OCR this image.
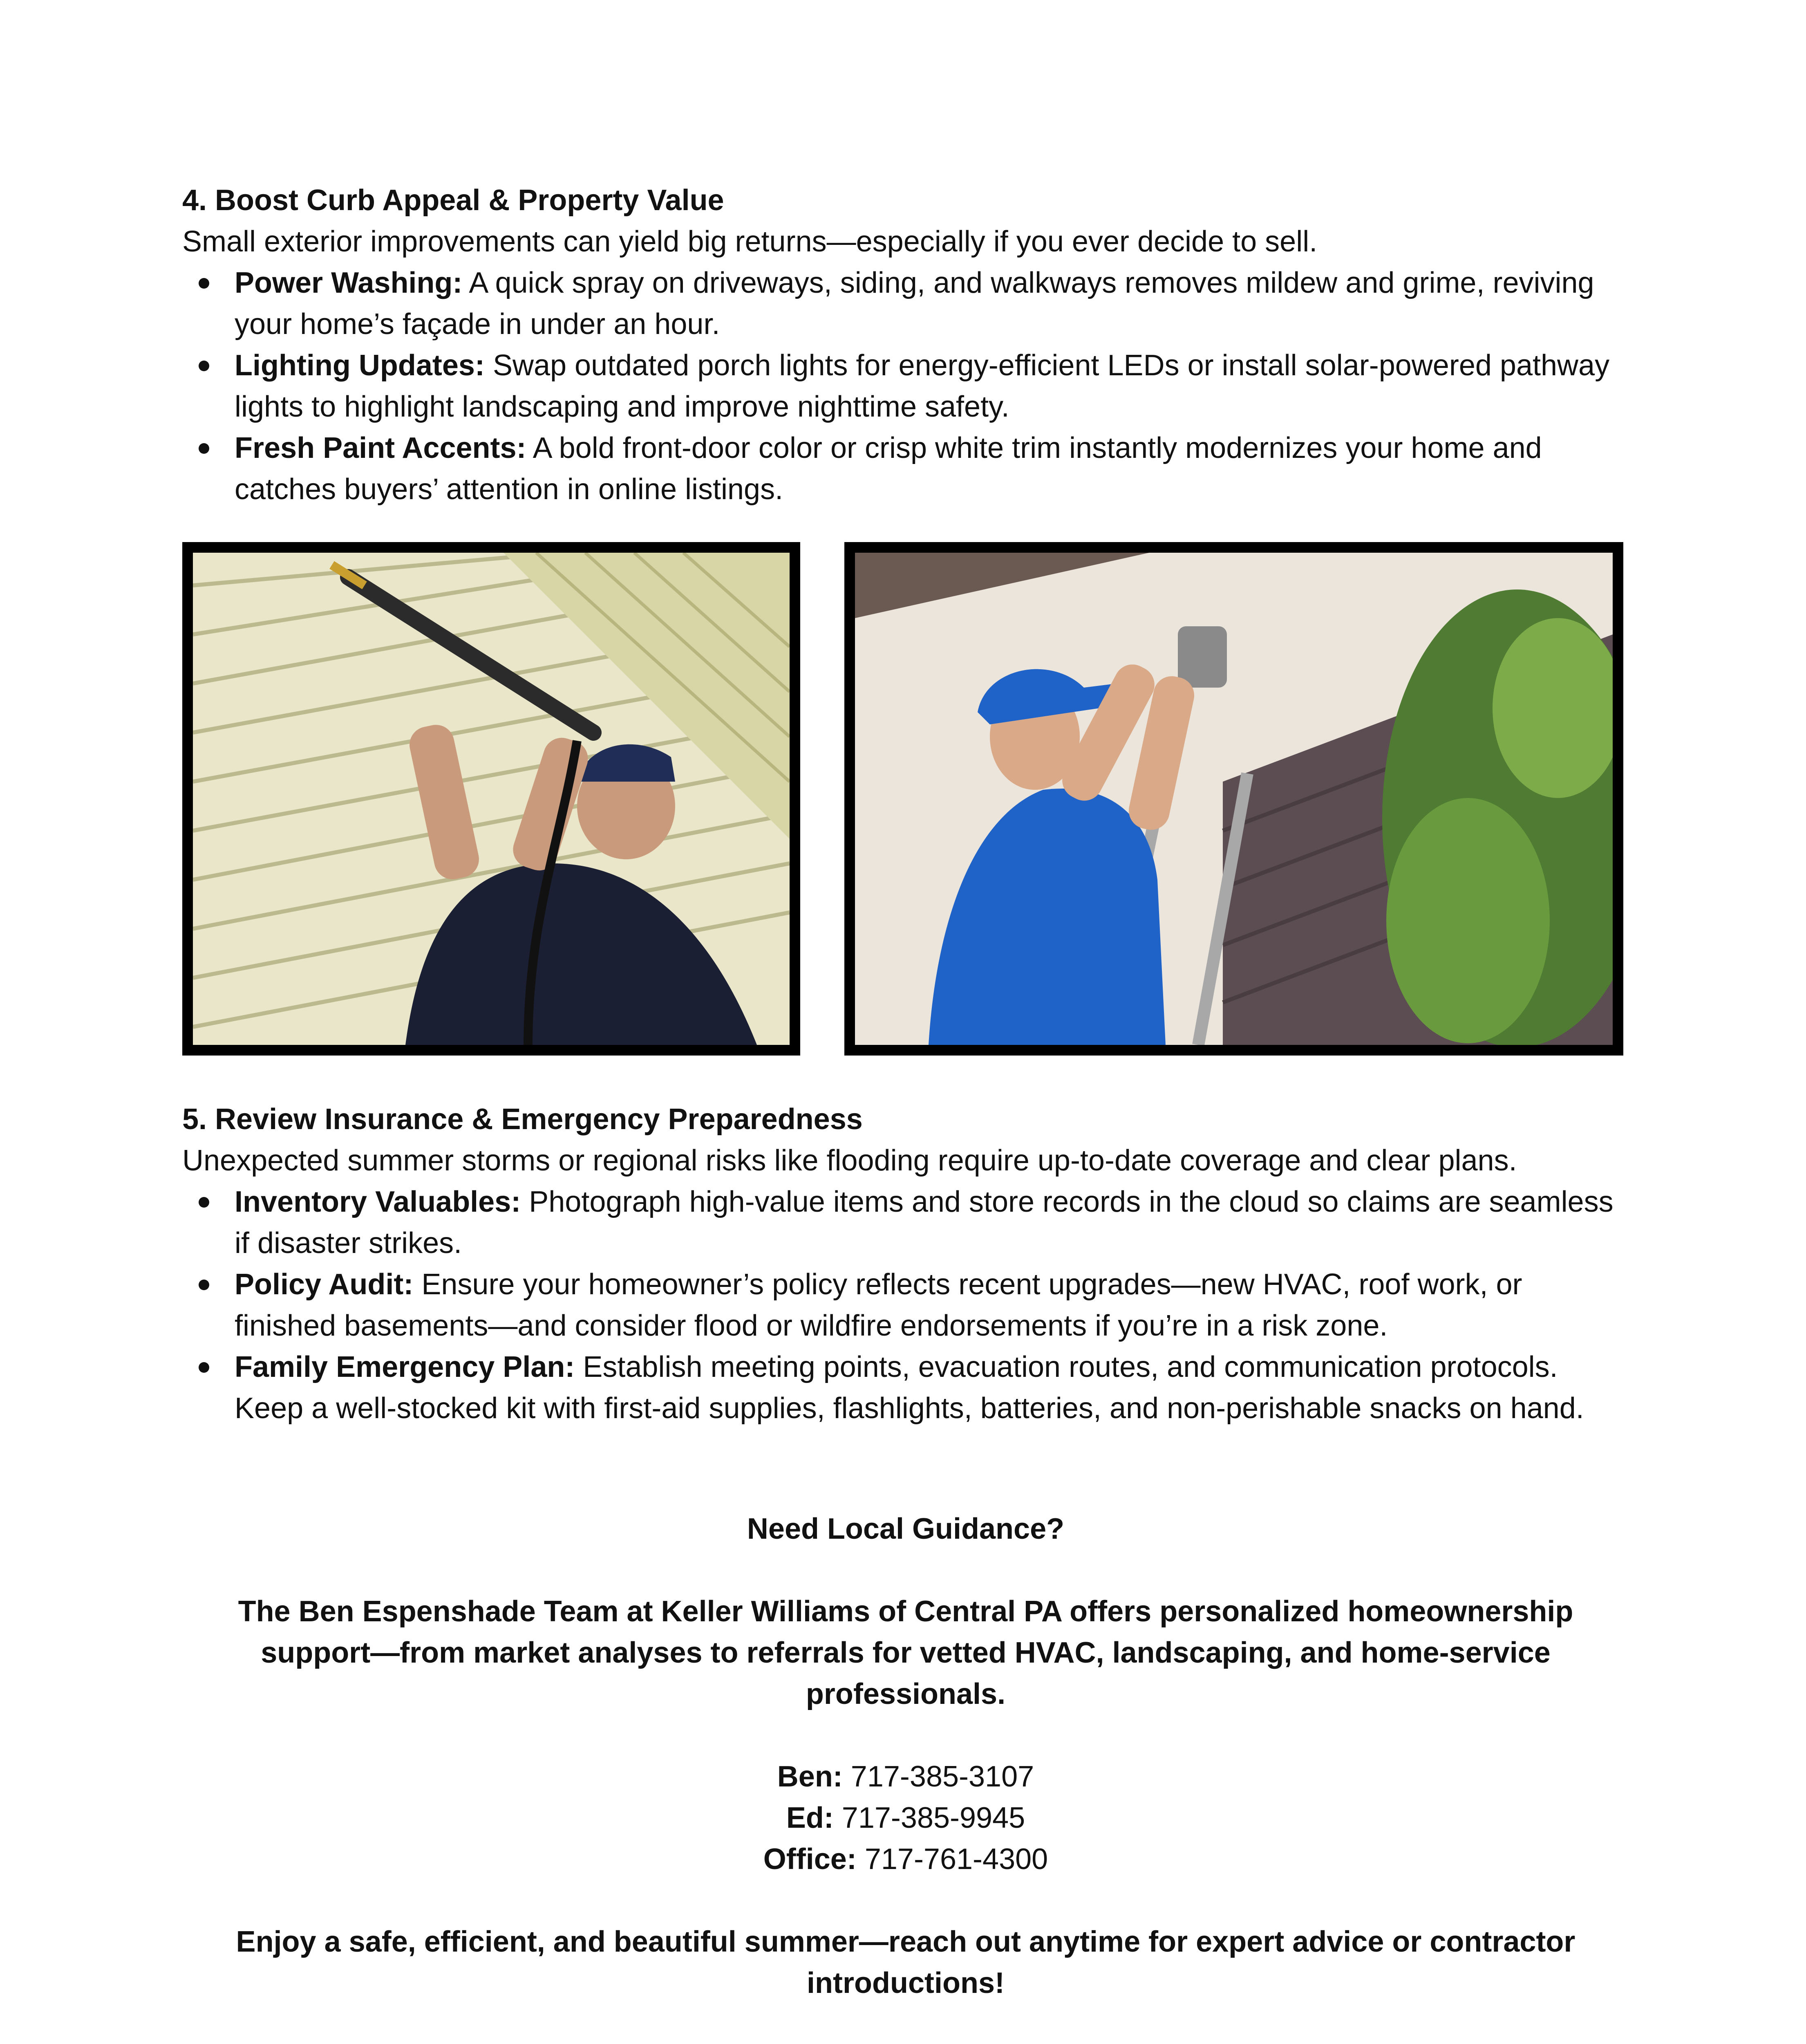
4. Boost Curb Appeal & Property Value

Small exterior improvements can yield big returns—especially if you ever decide to sell.

Power Washing: A quick spray on driveways, siding, and walkways removes mildew and grime, reviving your home’s façade in under an hour.
Lighting Updates: Swap outdated porch lights for energy-efficient LEDs or install solar-powered pathway lights to highlight landscaping and improve nighttime safety.
Fresh Paint Accents: A bold front-door color or crisp white trim instantly modernizes your home and catches buyers’ attention in online listings.

5. Review Insurance & Emergency Preparedness

Unexpected summer storms or regional risks like flooding require up-to-date coverage and clear plans.

Inventory Valuables: Photograph high-value items and store records in the cloud so claims are seamless if disaster strikes.
Policy Audit: Ensure your homeowner’s policy reflects recent upgrades—new HVAC, roof work, or finished basements—and consider flood or wildfire endorsements if you’re in a risk zone.
Family Emergency Plan: Establish meeting points, evacuation routes, and communication protocols. Keep a well-stocked kit with first-aid supplies, flashlights, batteries, and non-perishable snacks on hand.
Need Local Guidance?
The Ben Espenshade Team at Keller Williams of Central PA offers personalized homeownership support—from market analyses to referrals for vetted HVAC, landscaping, and home-service professionals.

Ben: 717-385-3107

Ed: 717-385-9945

Office: 717-761-4300

Enjoy a safe, efficient, and beautiful summer—reach out anytime for expert advice or contractor introductions!
